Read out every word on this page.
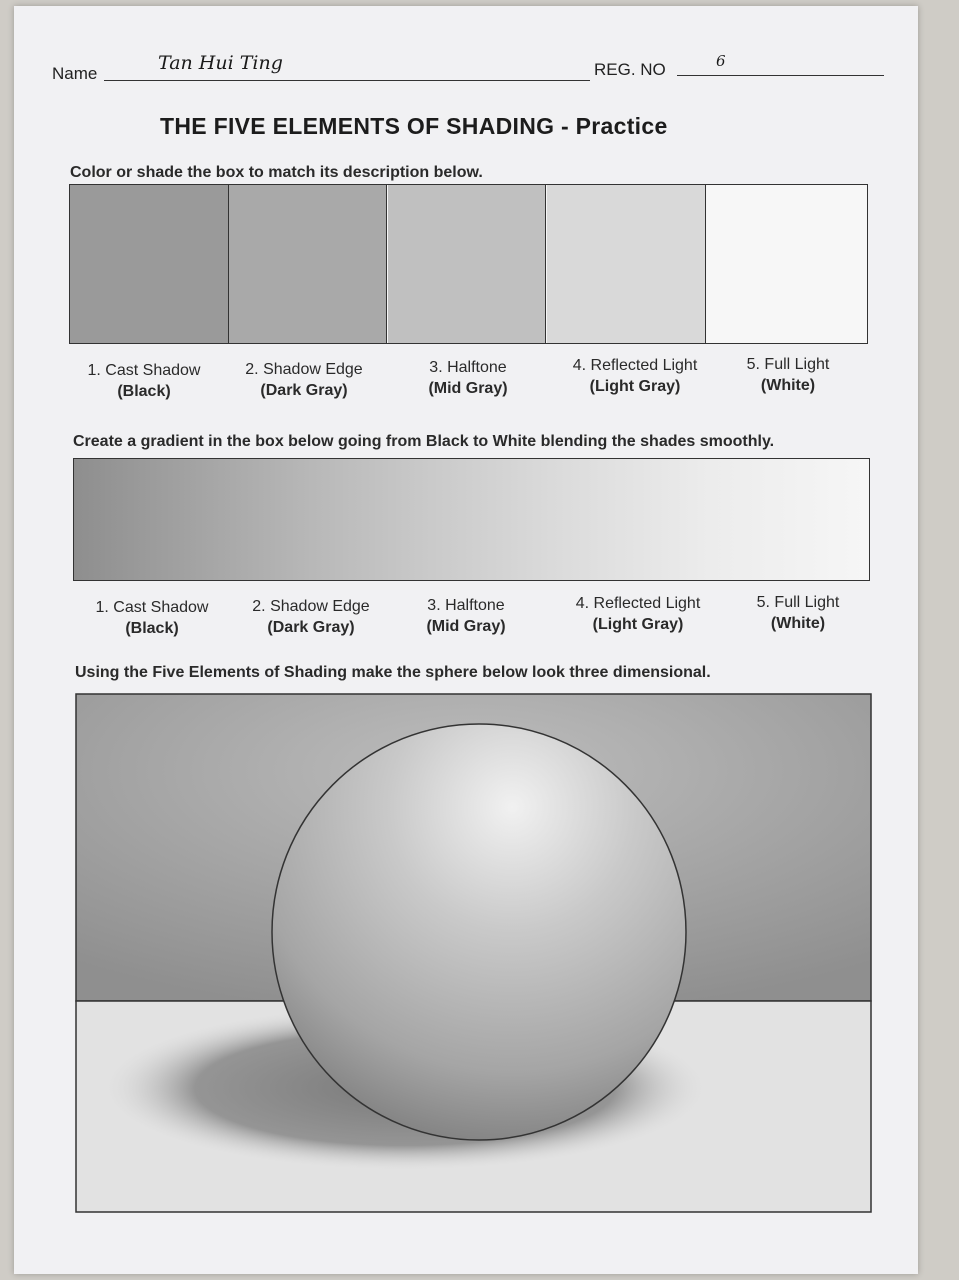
Name	Tan Hui Ting	REG. NO	6
THE FIVE ELEMENTS OF SHADING - Practice
Color or shade the box to match its description below.
1. Cast Shadow
(Black)
2. Shadow Edge
(Dark Gray)
3. Halftone
(Mid Gray)
4. Reflected Light
(Light Gray)
5. Full Light
(White)
Create a gradient in the box below going from Black to White blending the shades smoothly.
1. Cast Shadow
(Black)
2. Shadow Edge
(Dark Gray)
3. Halftone
(Mid Gray)
4. Reflected Light
(Light Gray)
5. Full Light
(White)
Using the Five Elements of Shading make the sphere below look three dimensional.
